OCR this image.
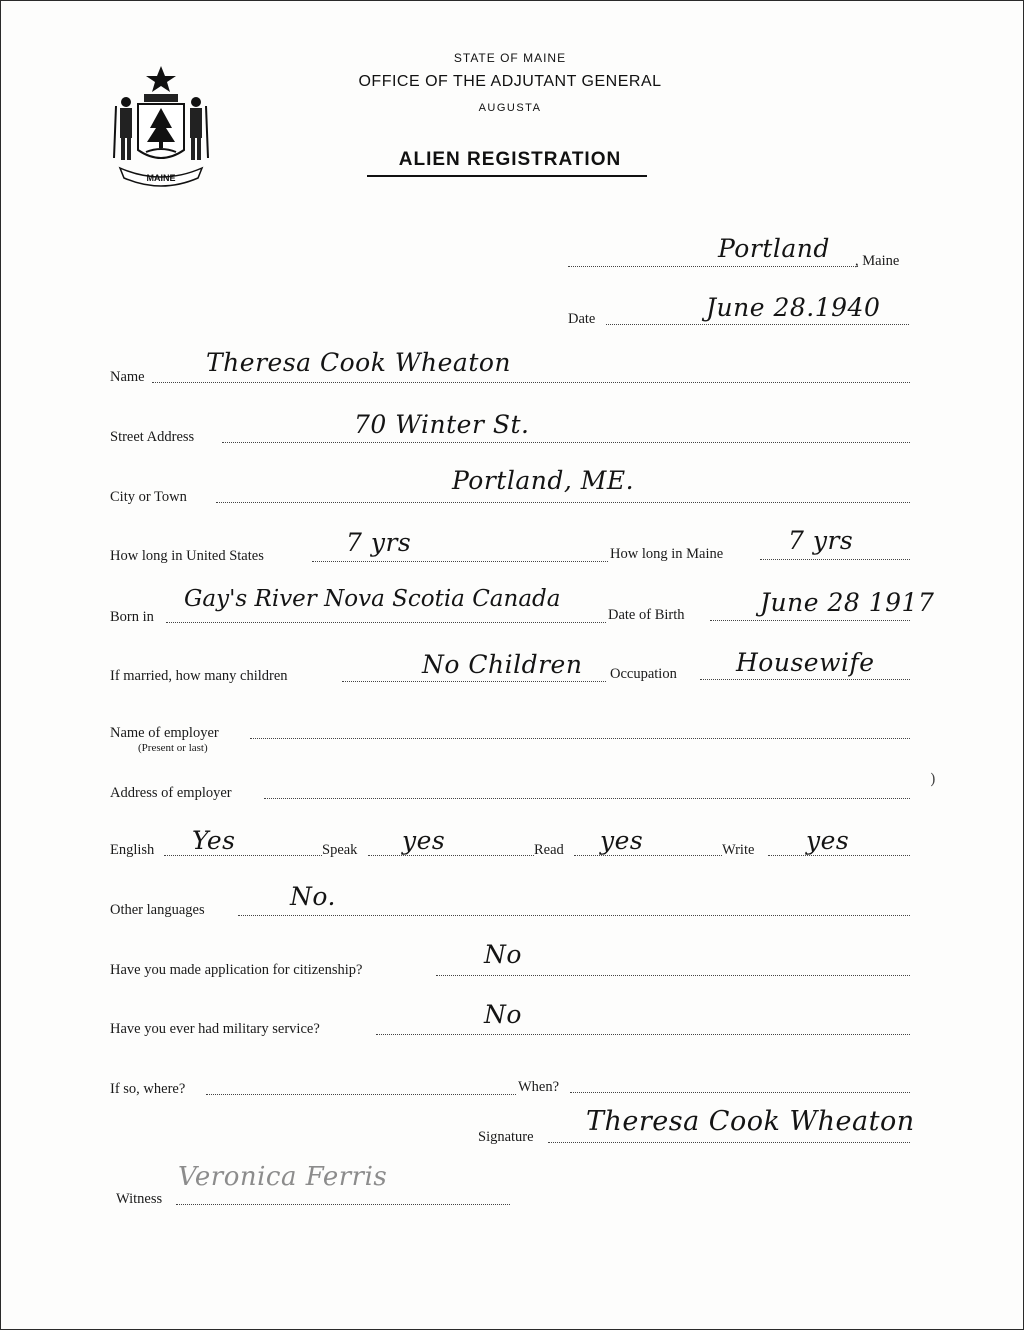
MAINE
STATE OF MAINE
OFFICE OF THE ADJUTANT GENERAL
AUGUSTA
ALIEN REGISTRATION
Portland , Maine
Date	June 28.1940
Name Theresa Cook Wheaton
Street Address	70 Winter St.
City or Town
Portland, ME.
How long in United States	7 yrs	How long in Maine	7 yrs
Born in
Gay's River Nova Scotia Canada
Date of Birth	June 28 1917
If married, how many children	No Children Occupation Housewife
Name of employer
(Present or last)
Address of employer
)
English Yes	Speak yes	Read yes	Write yes
Other languages	No.
Have you made application for citizenship?
No
Have you ever had military service?	No
If so, where?	When?
Signature Theresa Cook Wheaton
Witness
Veronica Ferris
